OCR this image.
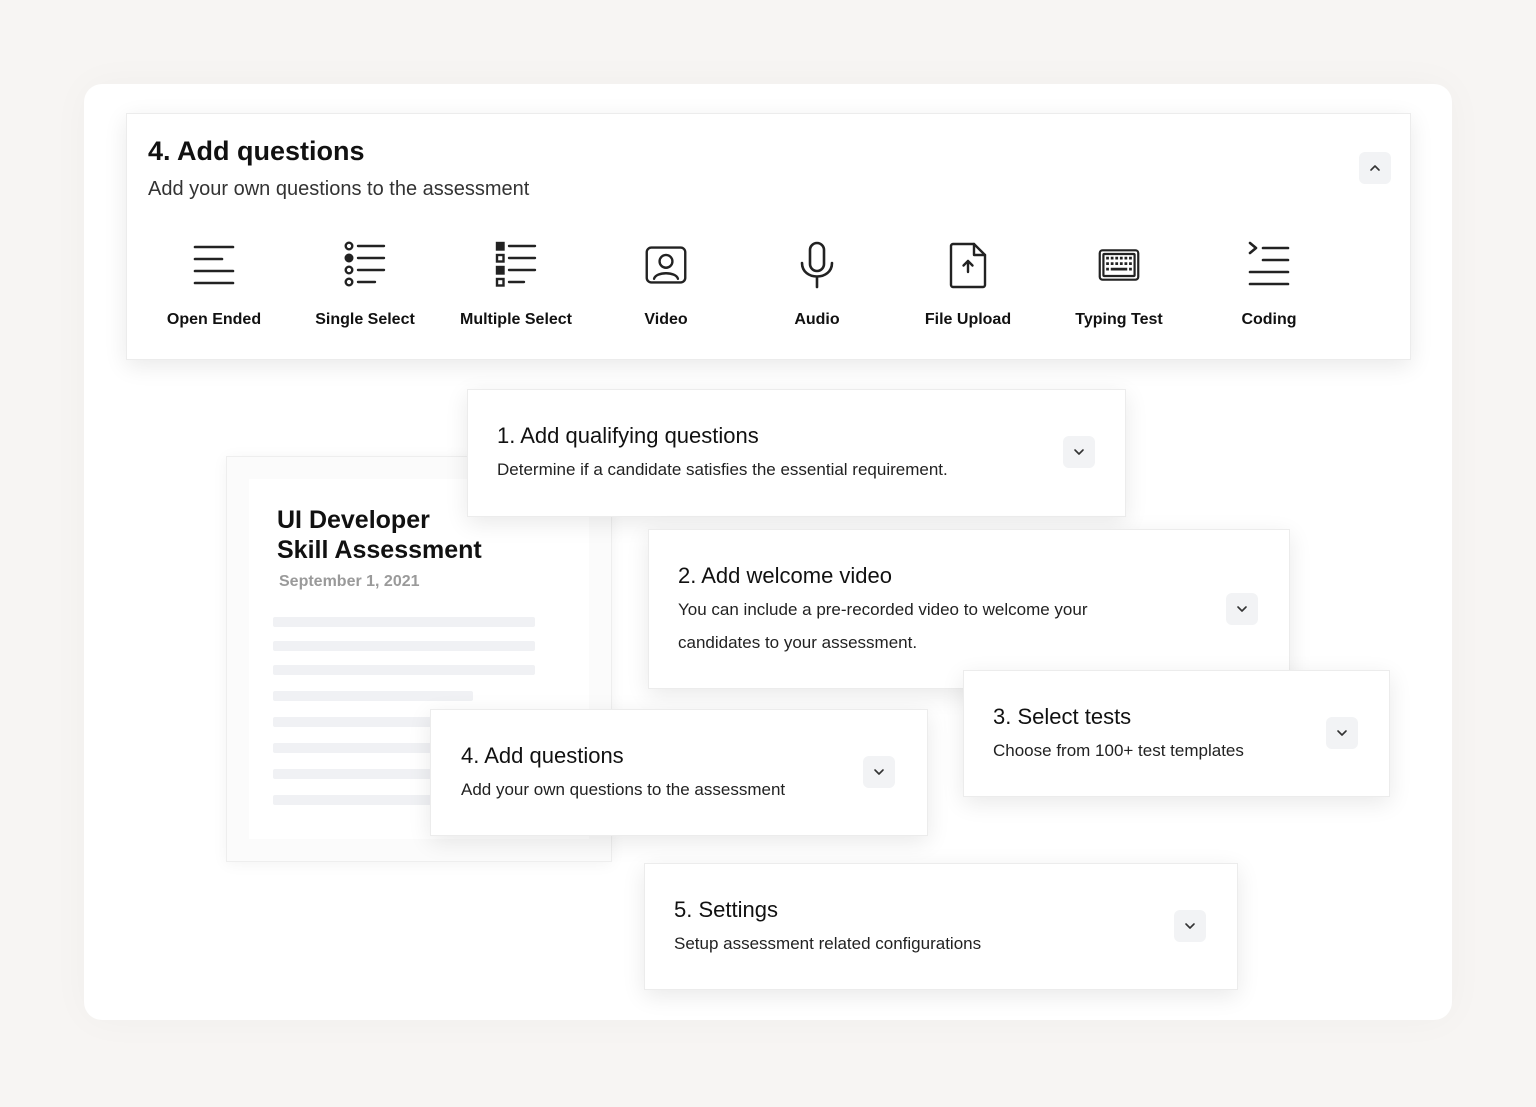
4. Add questions
Add your own questions to the assessment
Open Ended	Single Select	Multiple Select	Video	Audio	File Upload	Typing Test	Coding
UI Developer
Skill Assessment
September 1, 2021
1. Add qualifying questions
Determine if a candidate satisfies the essential requirement.
2. Add welcome video
You can include a pre-recorded video to welcome your
candidates to your assessment.
3. Select tests
Choose from 100+ test templates
4. Add questions
Add your own questions to the assessment
5. Settings
Setup assessment related configurations
